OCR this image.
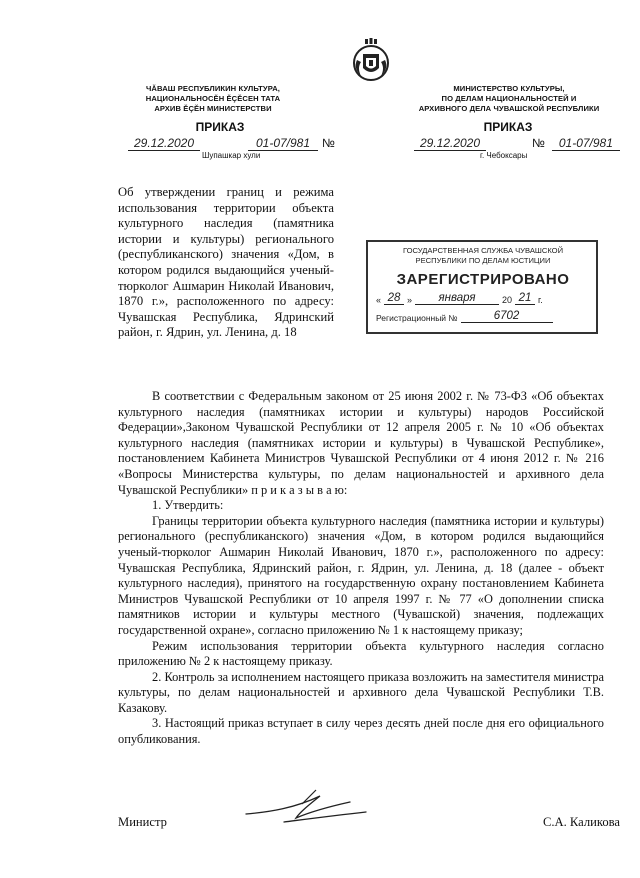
ЧĂВАШ РЕСПУБЛИКИН КУЛЬТУРА,
НАЦИОНАЛЬНОСĔН ĔÇĔСЕН ТАТА
АРХИВ ĔÇĔН МИНИСТЕРСТВИ
МИНИСТЕРСТВО КУЛЬТУРЫ,
ПО ДЕЛАМ НАЦИОНАЛЬНОСТЕЙ И
АРХИВНОГО ДЕЛА ЧУВАШСКОЙ РЕСПУБЛИКИ
ПРИКАЗ	ПРИКАЗ
29.12.2020	01-07/981 №
Шупашкар хули
29.12.2020	№ 01-07/981
г. Чебоксары
Об утверждении границ и режима использования территории объекта культурного наследия (памятника истории и культуры) регионального (республиканского) значения «Дом, в котором родился выдающийся ученый-тюрколог Ашмарин Николай Иванович, 1870 г.», расположенного по адресу: Чувашская Республика, Ядринский район, г. Ядрин, ул. Ленина, д. 18
ГОСУДАРСТВЕННАЯ СЛУЖБА ЧУВАШСКОЙ
РЕСПУБЛИКИ ПО ДЕЛАМ ЮСТИЦИИ
ЗАРЕГИСТРИРОВАНО
« 28 »	января	20 21 г.
Регистрационный №	6702

В соответствии с Федеральным законом от 25 июня 2002 г. № 73-ФЗ «Об объектах культурного наследия (памятниках истории и культуры) народов Российской Федерации»,Законом Чувашской Республики от 12 апреля 2005 г. № 10 «Об объектах культурного наследия (памятниках истории и культуры) в Чувашской Республике», постановлением Кабинета Министров Чувашской Республики от 4 июня 2012 г. № 216 «Вопросы Министерства культуры, по делам национальностей и архивного дела Чувашской Республики» п р и к а з ы в а ю:

1. Утвердить:

Границы территории объекта культурного наследия (памятника истории и культуры) регионального (республиканского) значения «Дом, в котором родился выдающийся ученый-тюрколог Ашмарин Николай Иванович, 1870 г.», расположенного по адресу: Чувашская Республика, Ядринский район, г. Ядрин, ул. Ленина, д. 18 (далее - объект культурного наследия), принятого на государственную охрану постановлением Кабинета Министров Чувашской Республики от 10 апреля 1997 г. № 77 «О дополнении списка памятников истории и культуры местного (Чувашской) значения, подлежащих государственной охране», согласно приложению № 1 к настоящему приказу;

Режим использования территории объекта культурного наследия согласно приложению № 2 к настоящему приказу.

2. Контроль за исполнением настоящего приказа возложить на заместителя министра культуры, по делам национальностей и архивного дела Чувашской Республики Т.В. Казакову.

3. Настоящий приказ вступает в силу через десять дней после дня его официального опубликования.

Министр	С.А. Каликова
